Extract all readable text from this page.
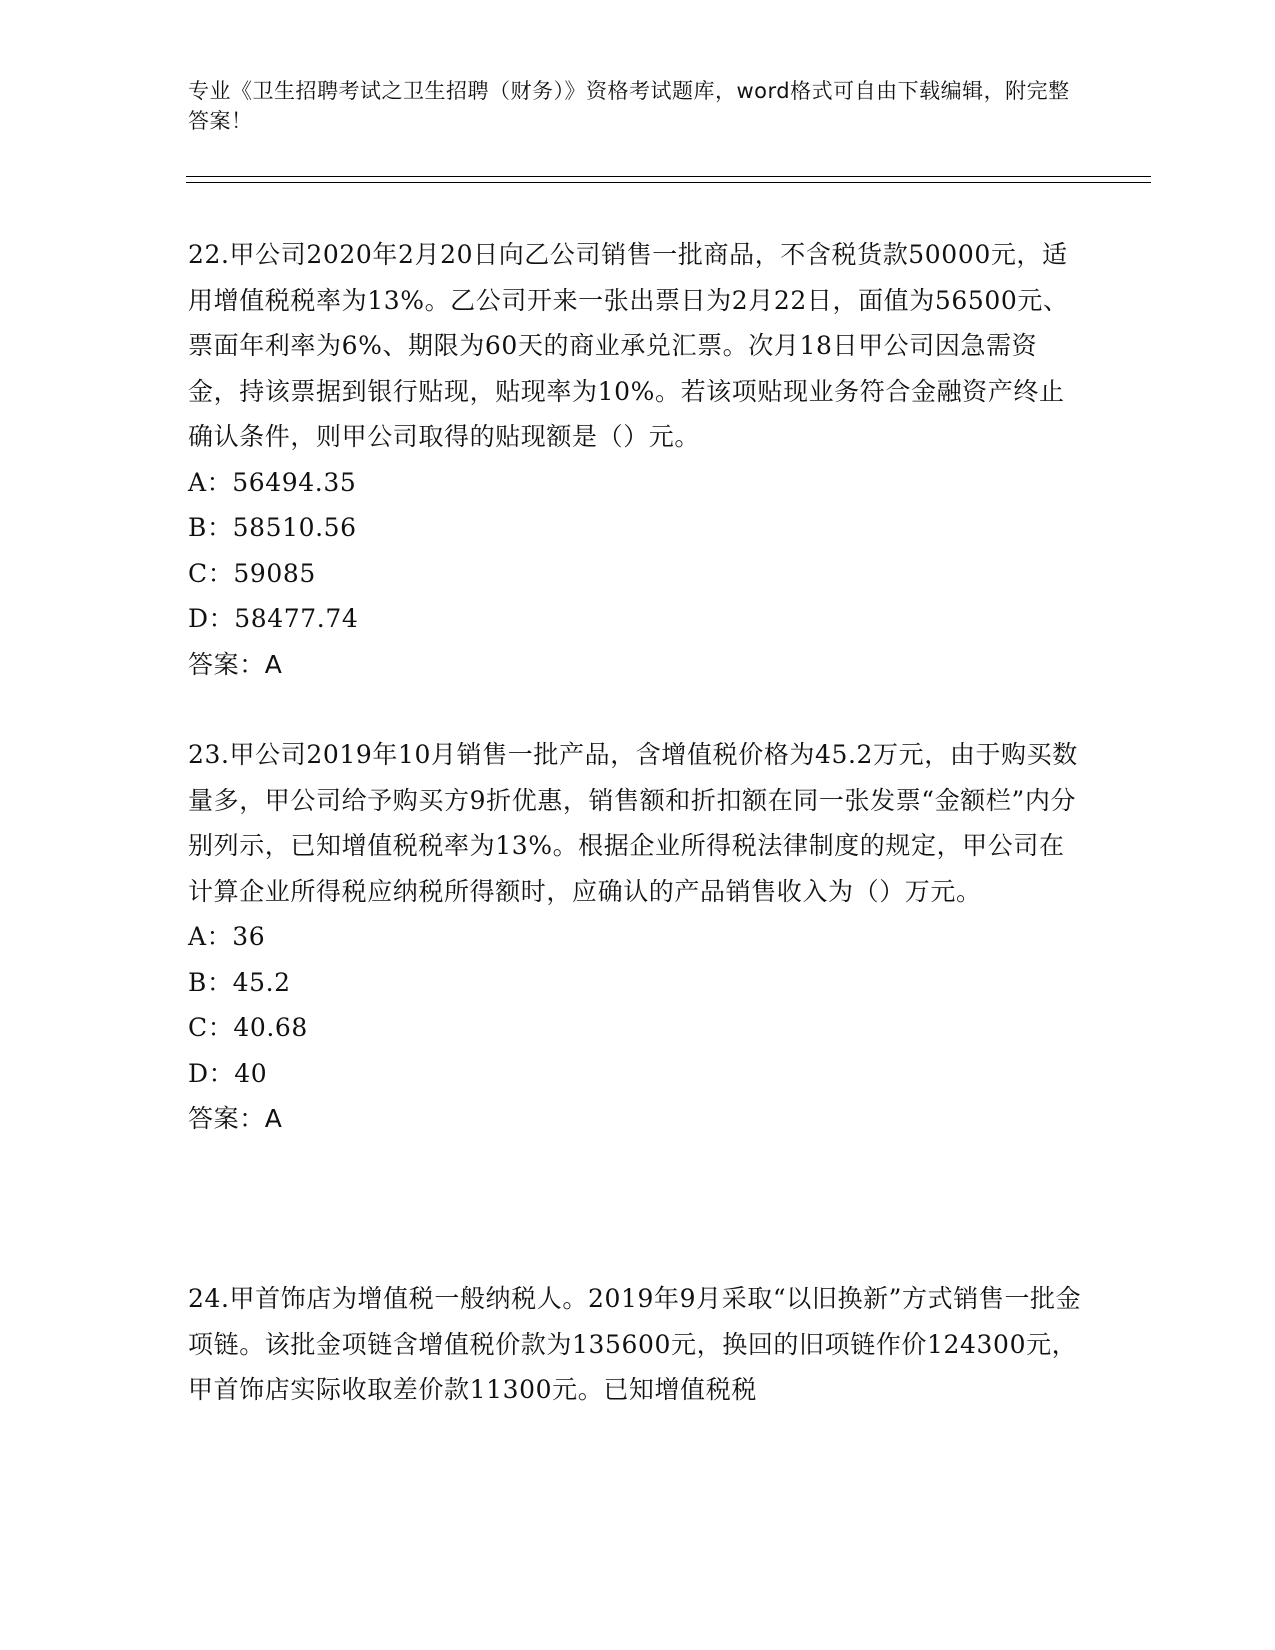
专业《卫生招聘考试之卫生招聘（财务）》资格考试题库，word格式可自由下载编辑，附完整答案！

22.甲公司2020年2月20日向乙公司销售一批商品，不含税货款50000元，适用增值税税率为13%。乙公司开来一张出票日为2月22日，面值为56500元、票面年利率为6%、期限为60天的商业承兑汇票。次月18日甲公司因急需资金，持该票据到银行贴现，贴现率为10%。若该项贴现业务符合金融资产终止确认条件，则甲公司取得的贴现额是（）元。

A：56494.35

B：58510.56

C：59085

D：58477.74

答案：A

23.甲公司2019年10月销售一批产品，含增值税价格为45.2万元，由于购买数量多，甲公司给予购买方9折优惠，销售额和折扣额在同一张发票“金额栏”内分别列示，已知增值税税率为13%。根据企业所得税法律制度的规定，甲公司在计算企业所得税应纳税所得额时，应确认的产品销售收入为（）万元。

A：36

B：45.2

C：40.68

D：40

答案：A

24.甲首饰店为增值税一般纳税人。2019年9月采取“以旧换新”方式销售一批金项链。该批金项链含增值税价款为135600元，换回的旧项链作价124300元，甲首饰店实际收取差价款11300元。已知增值税税
